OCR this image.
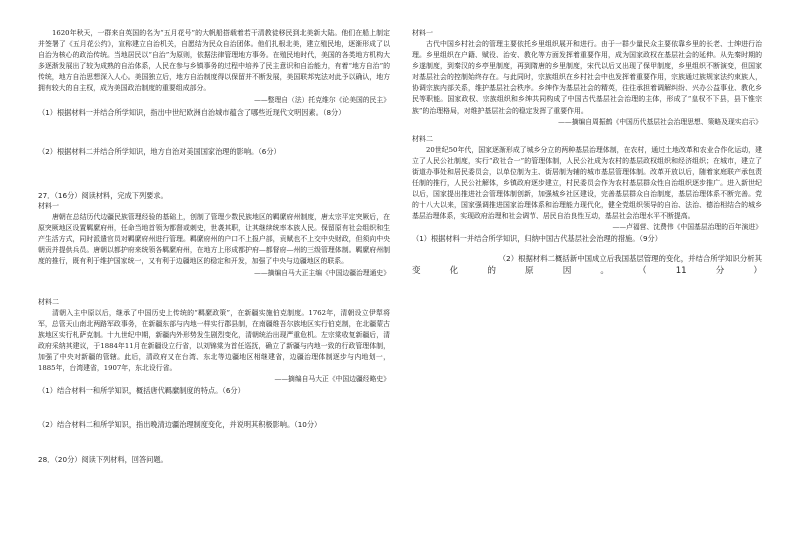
1620年秋天，一群来自英国的名为“五月花号”的大帆船搭载着若干清教徒移民到北美新大陆。他们在船上制定并签署了《五月花公约》，宣称建立自治机关，自愿结为民众自治团体。他们扎根北美，建立殖民地，逐渐形成了以自治为核心的政治传统。当地居民以“自治”为原则，依据法律管理地方事务。在殖民地时代，美国的各类地方机构大多逐渐发展出了较为成熟的自治体系，人民在参与乡镇事务的过程中培养了民主意识和自治能力，有着“地方自治”的传统，地方自治思想深入人心。美国独立后，地方自治制度得以保留并不断发展，美国联邦宪法对此予以确认，地方拥有较大的自主权，成为美国政治制度的重要组成部分。

——整理自（法）托克维尔《论美国的民主》

（1）根据材料一并结合所学知识，指出中世纪欧洲自治城市蕴含了哪些近现代文明因素。（8分）

（2）根据材料二并结合所学知识，地方自治对美国国家治理的影响。（6分）

27．（16分）阅读材料，完成下列要求。

材料一

唐朝在总结历代边疆民族管理经验的基础上，创制了管理少数民族地区的羁縻府州制度，唐太宗平定突厥后，在原突厥地区设置羁縻府州，任命当地首领为都督或刺史，世袭其职，让其继续统率本族人民。保留原有社会组织和生产生活方式，同时派遣官员对羁縻府州进行管理。羁縻府州的户口不上报户部，贡赋也不上交中央财政，但须向中央朝贡并提供兵员。唐朝以都护府来统领各羁縻府州，在地方上形成都护府—都督府—州的三级管理体制。羁縻府州制度的推行，既有利于维护国家统一，又有利于边疆地区的稳定和开发，加强了中央与边疆地区的联系。

——摘编自马大正主编《中国边疆治理通史》

材料二

清朝入主中原以后，继承了中国历史上传统的“羁縻政策”，在新疆实施伯克制度。1762年，清朝设立伊犁将军，总管天山南北两路军政事务，在新疆东部与内地一样实行郡县制，在南疆维吾尔族地区实行伯克制，在北疆蒙古族地区实行札萨克制。十九世纪中期，新疆内外形势发生剧烈变化，清朝统治出现严重危机。左宗棠收复新疆后，清政府采纳其建议，于1884年11月在新疆设立行省，以刘锦棠为首任巡抚，确立了新疆与内地一致的行政管理体制，加强了中央对新疆的管辖。此后，清政府又在台湾、东北等边疆地区相继建省，边疆治理体制逐步与内地划一，1885年，台湾建省，1907年，东北设行省。

——摘编自马大正《中国边疆经略史》

（1）结合材料一和所学知识，概括唐代羁縻制度的特点。（6分）

（2）结合材料二和所学知识，指出晚清边疆治理制度变化，并说明其积极影响。（10分）

28．（20分）阅读下列材料，回答问题。

材料一

古代中国乡村社会的管理主要依托乡里组织展开和进行。由于一群少量民众主要依靠乡里的长老、士绅进行治理。乡里组织在户籍、赋役、治安、教化等方面发挥着重要作用，成为国家政权在基层社会的延伸。从先秦时期的乡遂制度，到秦汉的乡亭里制度，再到隋唐的乡里制度，宋代以后又出现了保甲制度，乡里组织不断演变，但国家对基层社会的控制始终存在。与此同时，宗族组织在乡村社会中也发挥着重要作用，宗族通过族规家法约束族人，协调宗族内部关系，维护基层社会秩序。乡绅作为基层社会的精英，往往承担着调解纠纷、兴办公益事业、教化乡民等职能。国家政权、宗族组织和乡绅共同构成了中国古代基层社会治理的主体，形成了“皇权不下县，县下惟宗族”的治理格局，对维护基层社会的稳定发挥了重要作用。

——摘编自周振鹤《中国历代基层社会治理思想、策略及现实启示》

材料二

20世纪50年代，国家逐渐形成了城乡分立的两种基层治理体制，在农村，通过土地改革和农业合作化运动，建立了人民公社制度，实行“政社合一”的管理体制，人民公社成为农村的基层政权组织和经济组织；在城市，建立了街道办事处和居民委员会，以单位制为主、街居制为辅的城市基层管理体制。改革开放以后，随着家庭联产承包责任制的推行，人民公社解体，乡镇政府逐步建立，村民委员会作为农村基层群众性自治组织逐步推广。进入新世纪以后，国家提出推进社会管理体制创新，加强城乡社区建设，完善基层群众自治制度，基层治理体系不断完善。党的十八大以来，国家强调推进国家治理体系和治理能力现代化，健全党组织领导的自治、法治、德治相结合的城乡基层治理体系，实现政府治理和社会调节、居民自治良性互动，基层社会治理水平不断提高。

——卢福营、沈费伟《中国基层治理的百年演进》

（1）根据材料一并结合所学知识，归纳中国古代基层社会治理的措施。（9分）

（2）根据材料二概括新中国成立后我国基层管理的变化，并结合所学知识分析其

变	化	的	原	因	。	（	11	分	）
